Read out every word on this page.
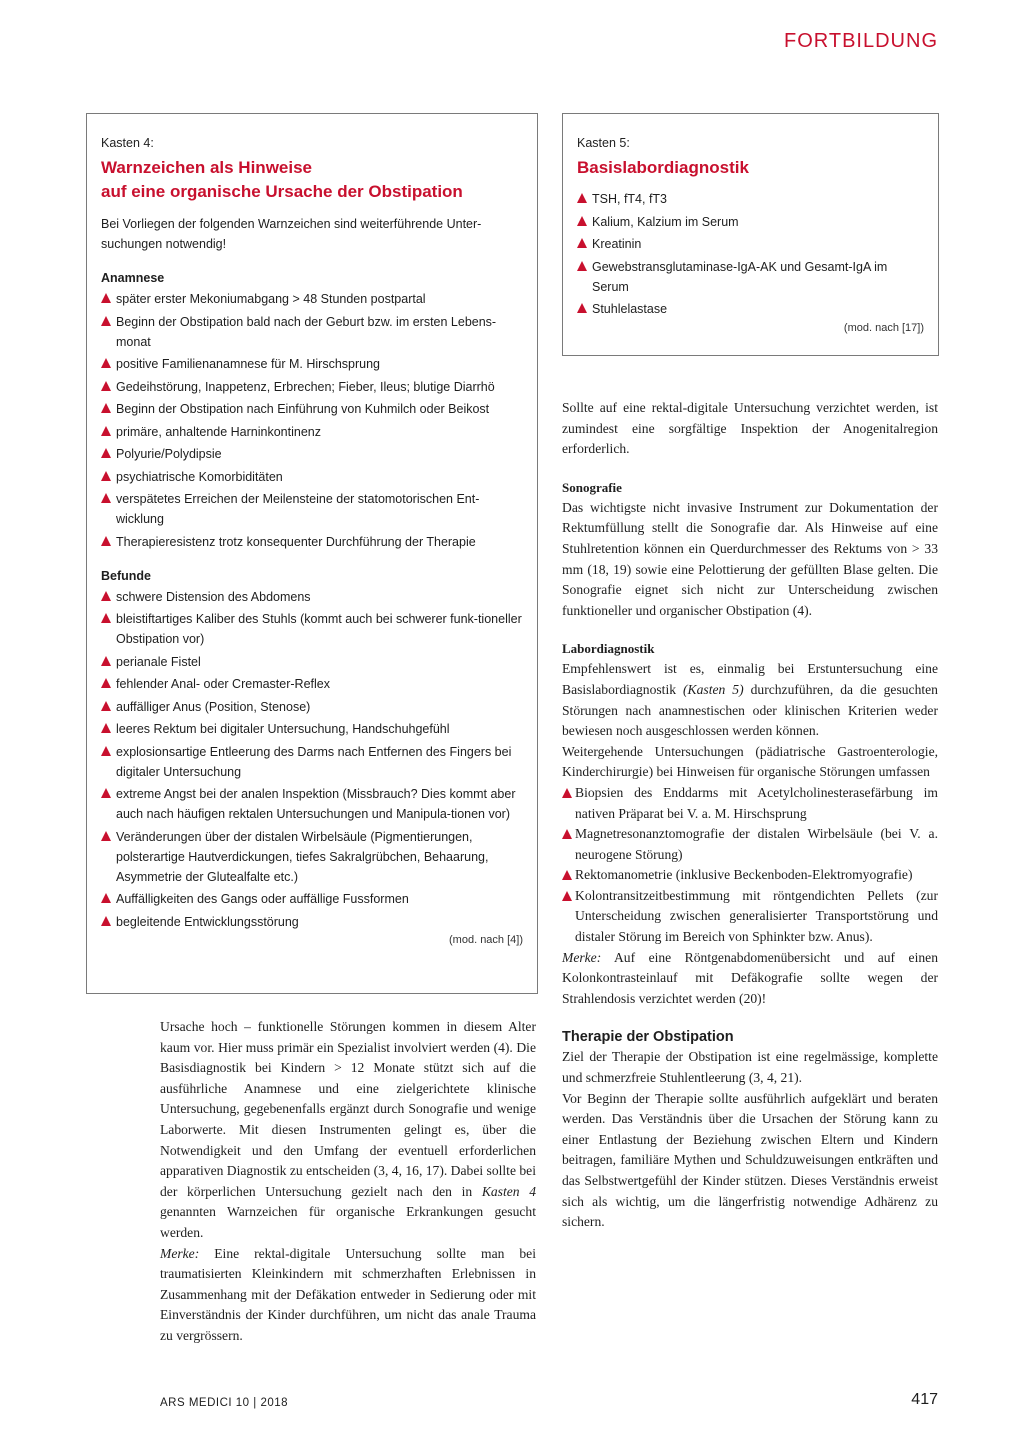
FORTBILDUNG

Kasten 4:

Warnzeichen als Hinweise

auf eine organische Ursache der Obstipation

Bei Vorliegen der folgenden Warnzeichen sind weiterführende Unter-suchungen notwendig!

Anamnese

später erster Mekoniumabgang > 48 Stunden postpartal
Beginn der Obstipation bald nach der Geburt bzw. im ersten Lebens-monat
positive Familienanamnese für M. Hirschsprung
Gedeihstörung, Inappetenz, Erbrechen; Fieber, Ileus; blutige Diarrhö
Beginn der Obstipation nach Einführung von Kuhmilch oder Beikost
primäre, anhaltende Harninkontinenz
Polyurie/Polydipsie
psychiatrische Komorbiditäten
verspätetes Erreichen der Meilensteine der statomotorischen Ent-wicklung
Therapieresistenz trotz konsequenter Durchführung der Therapie

Befunde

schwere Distension des Abdomens
bleistiftartiges Kaliber des Stuhls (kommt auch bei schwerer funk-tioneller Obstipation vor)
perianale Fistel
fehlender Anal- oder Cremaster-Reflex
auffälliger Anus (Position, Stenose)
leeres Rektum bei digitaler Untersuchung, Handschuhgefühl
explosionsartige Entleerung des Darms nach Entfernen des Fingers bei digitaler Untersuchung
extreme Angst bei der analen Inspektion (Missbrauch? Dies kommt aber auch nach häufigen rektalen Untersuchungen und Manipula-tionen vor)
Veränderungen über der distalen Wirbelsäule (Pigmentierungen, polsterartige Hautverdickungen, tiefes Sakralgrübchen, Behaarung, Asymmetrie der Glutealfalte etc.)
Auffälligkeiten des Gangs oder auffällige Fussformen
begleitende Entwicklungsstörung
(mod. nach [4])

Kasten 5:

Basislabordiagnostik

TSH, fT4, fT3
Kalium, Kalzium im Serum
Kreatinin
Gewebstransglutaminase-IgA-AK und Gesamt-IgA im Serum
Stuhlelastase
(mod. nach [17])

Ursache hoch – funktionelle Störungen kommen in diesem Alter kaum vor. Hier muss primär ein Spezialist involviert werden (4). Die Basisdiagnostik bei Kindern > 12 Monate stützt sich auf die ausführliche Anamnese und eine zielgerichtete klinische Untersuchung, gegebenenfalls ergänzt durch Sonografie und wenige Laborwerte. Mit diesen Instrumenten gelingt es, über die Notwendigkeit und den Umfang der eventuell erforderlichen apparativen Diagnostik zu entscheiden (3, 4, 16, 17). Dabei sollte bei der körperlichen Untersuchung gezielt nach den in Kasten 4 genannten Warnzeichen für organische Erkrankungen gesucht werden.

Merke: Eine rektal-digitale Untersuchung sollte man bei traumatisierten Kleinkindern mit schmerzhaften Erlebnissen in Zusammenhang mit der Defäkation entweder in Sedierung oder mit Einverständnis der Kinder durchführen, um nicht das anale Trauma zu vergrössern.

Sollte auf eine rektal-digitale Untersuchung verzichtet werden, ist zumindest eine sorgfältige Inspektion der Anogenitalregion erforderlich.

Sonografie

Das wichtigste nicht invasive Instrument zur Dokumentation der Rektumfüllung stellt die Sonografie dar. Als Hinweise auf eine Stuhlretention können ein Querdurchmesser des Rektums von > 33 mm (18, 19) sowie eine Pelottierung der gefüllten Blase gelten. Die Sonografie eignet sich nicht zur Unterscheidung zwischen funktioneller und organischer Obstipation (4).

Labordiagnostik

Empfehlenswert ist es, einmalig bei Erstuntersuchung eine Basislabordiagnostik (Kasten 5) durchzuführen, da die gesuchten Störungen nach anamnestischen oder klinischen Kriterien weder bewiesen noch ausgeschlossen werden können.

Weitergehende Untersuchungen (pädiatrische Gastroenterologie, Kinderchirurgie) bei Hinweisen für organische Störungen umfassen

Biopsien des Enddarms mit Acetylcholinesterasefärbung im nativen Präparat bei V. a. M. Hirschsprung
Magnetresonanztomografie der distalen Wirbelsäule (bei V. a. neurogene Störung)
Rektomanometrie (inklusive Beckenboden-Elektromyografie)
Kolontransitzeitbestimmung mit röntgendichten Pellets (zur Unterscheidung zwischen generalisierter Transportstörung und distaler Störung im Bereich von Sphinkter bzw. Anus).

Merke: Auf eine Röntgenabdomenübersicht und auf einen Kolonkontrasteinlauf mit Defäkografie sollte wegen der Strahlendosis verzichtet werden (20)!

Therapie der Obstipation

Ziel der Therapie der Obstipation ist eine regelmässige, komplette und schmerzfreie Stuhlentleerung (3, 4, 21).

Vor Beginn der Therapie sollte ausführlich aufgeklärt und beraten werden. Das Verständnis über die Ursachen der Störung kann zu einer Entlastung der Beziehung zwischen Eltern und Kindern beitragen, familiäre Mythen und Schuldzuweisungen entkräften und das Selbstwertgefühl der Kinder stützen. Dieses Verständnis erweist sich als wichtig, um die längerfristig notwendige Adhärenz zu sichern.

ARS MEDICI 10 | 2018	417
